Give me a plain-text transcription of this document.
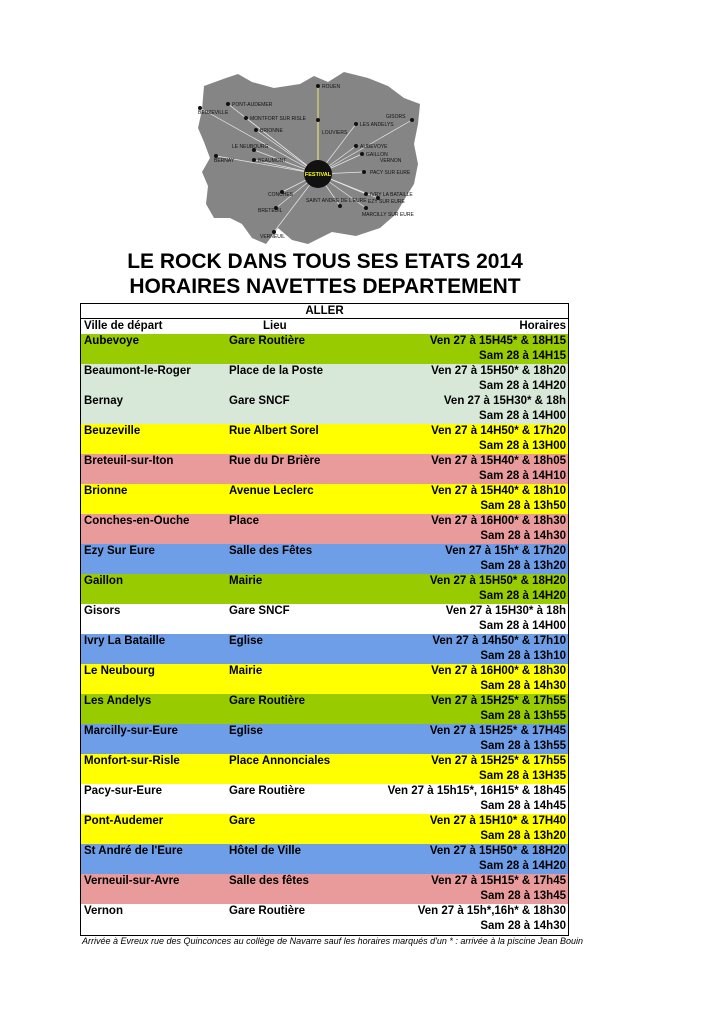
FESTIVAL
ROUEN
PONT-AUDEMER
BEUZEVILLE
MONTFORT SUR RISLE
BRIONNE
LE NEUBOURG
BERNAY	BEAUMONT
LOUVIERS
GISORS
LES ANDELYS
AUBEVOYE
GAILLON
VERNON
PACY SUR EURE
IVRY LA BATAILLE
EZY SUR EURE
MARCILLY SUR EURE
SAINT ANDRE DE L'EURE
CONCHES
BRETEUIL
VERNEUIL
LE ROCK DANS TOUS SES ETATS 2014
HORAIRES NAVETTES DEPARTEMENT
ALLER
Ville de départ	Lieu	Horaires
Aubevoye	Gare Routière	Ven 27 à 15H45* & 18H15
Sam 28 à 14H15
Beaumont-le-Roger	Place de la Poste	Ven 27 à 15H50* & 18h20
Sam 28 à 14H20
Bernay	Gare SNCF	Ven 27 à 15H30* & 18h
Sam 28 à 14H00
Beuzeville	Rue Albert Sorel	Ven 27 à 14H50* & 17h20
Sam 28 à 13H00
Breteuil-sur-Iton	Rue du Dr Brière	Ven 27 à 15H40* & 18h05
Sam 28 à 14H10
Brionne	Avenue Leclerc	Ven 27 à 15H40* & 18h10
Sam 28 à 13h50
Conches-en-Ouche	Place	Ven 27 à 16H00* & 18h30
Sam 28 à 14h30
Ezy Sur Eure	Salle des Fêtes	Ven 27 à 15h* & 17h20
Sam 28 à 13h20
Gaillon	Mairie	Ven 27 à 15H50* & 18H20
Sam 28 à 14H20
Gisors	Gare SNCF	Ven 27 à 15H30* à 18h
Sam 28 à 14H00
Ivry La Bataille	Eglise	Ven 27 à 14h50* & 17h10
Sam 28 à 13h10
Le Neubourg	Mairie	Ven 27 à 16H00* & 18h30
Sam 28 à 14h30
Les Andelys	Gare Routière	Ven 27 à 15H25* & 17h55
Sam 28 à 13h55
Marcilly-sur-Eure	Eglise	Ven 27 à 15H25* & 17H45
Sam 28 à 13h55
Monfort-sur-Risle	Place Annonciales	Ven 27 à 15H25* & 17h55
Sam 28 à 13H35
Pacy-sur-Eure	Gare Routière	Ven 27 à 15h15*, 16H15* & 18h45
Sam 28 à 14h45
Pont-Audemer	Gare	Ven 27 à 15H10* & 17H40
Sam 28 à 13h20
St André de l'Eure	Hôtel de Ville	Ven 27 à 15H50* & 18H20
Sam 28 à 14H20
Verneuil-sur-Avre	Salle des fêtes	Ven 27 à 15H15* & 17h45
Sam 28 à 13h45
Vernon	Gare Routière	Ven 27 à 15h*,16h* & 18h30
Sam 28 à 14h30
Arrivée à Evreux rue des Quinconces au collège de Navarre sauf les horaires marqués d'un * : arrivée à la piscine Jean Bouin
